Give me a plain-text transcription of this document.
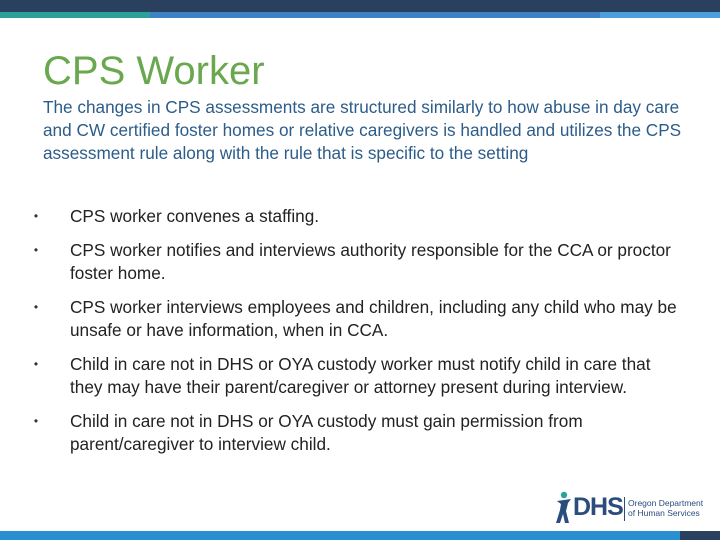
CPS Worker

The changes in CPS assessments are structured similarly to how abuse in day care and CW certified foster homes or relative caregivers is handled and utilizes the CPS assessment rule along with the rule that is specific to the setting

• CPS worker convenes a staffing.
• CPS worker notifies and interviews authority responsible for the CCA or proctor foster home.
• CPS worker interviews employees and children, including any child who may be unsafe or have information, when in CCA.
• Child in care not in DHS or OYA custody worker must notify child in care that they may have their parent/caregiver or attorney present during interview.
• Child in care not in DHS or OYA custody must gain permission from parent/caregiver to interview child.
DHS Oregon Department
of Human Services
